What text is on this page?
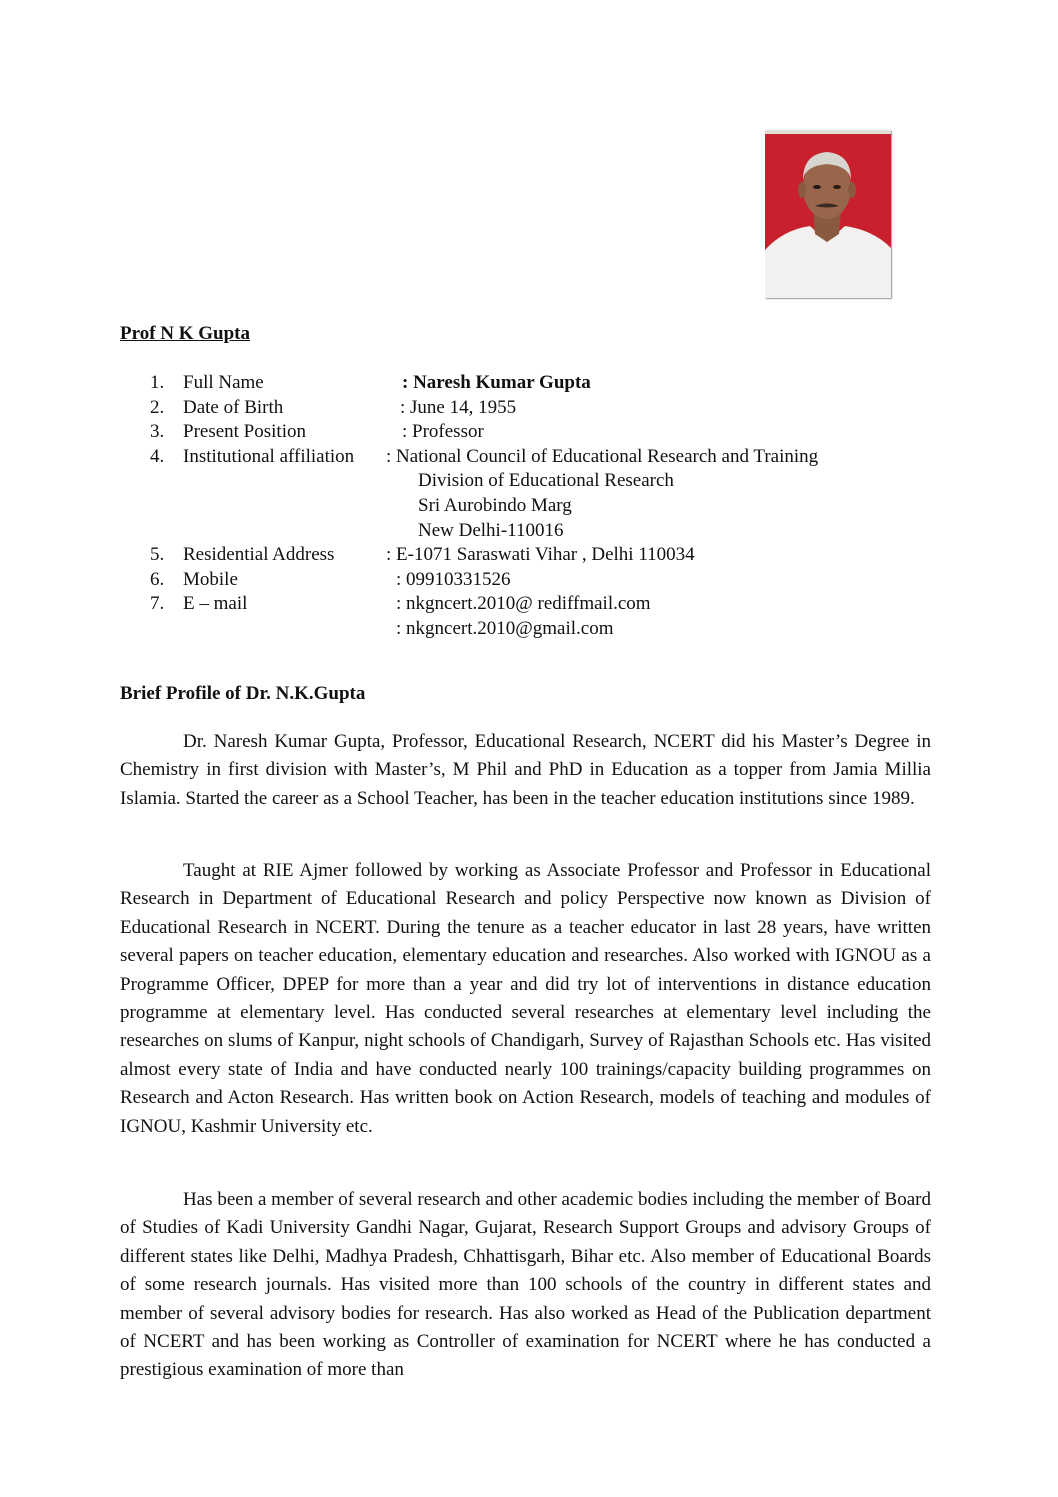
Prof N K Gupta
1. Full Name	: Naresh Kumar Gupta
2. Date of Birth	: June 14, 1955
3. Present Position	: Professor
4. Institutional affiliation : National Council of Educational Research and Training
Division of Educational Research
Sri Aurobindo Marg
New Delhi-110016
5. Residential Address	: E-1071 Saraswati Vihar , Delhi 110034
6. Mobile	: 09910331526
7. E – mail	: nkgncert.2010@ rediffmail.com
: nkgncert.2010@gmail.com
Brief Profile of Dr. N.K.Gupta

Dr. Naresh Kumar Gupta, Professor, Educational Research, NCERT did his Master’s Degree in Chemistry in first division with Master’s, M Phil and PhD in Education as a topper from Jamia Millia Islamia. Started the career as a School Teacher, has been in the teacher education institutions since 1989.

Taught at RIE Ajmer followed by working as Associate Professor and Professor in Educational Research in Department of Educational Research and policy Perspective now known as Division of Educational Research in NCERT. During the tenure as a teacher educator in last 28 years, have written several papers on teacher education, elementary education and researches. Also worked with IGNOU as a Programme Officer, DPEP for more than a year and did try lot of interventions in distance education programme at elementary level. Has conducted several researches at elementary level including the researches on slums of Kanpur, night schools of Chandigarh, Survey of Rajasthan Schools etc. Has visited almost every state of India and have conducted nearly 100 trainings/capacity building programmes on Research and Acton Research. Has written book on Action Research, models of teaching and modules of IGNOU, Kashmir University etc.

Has been a member of several research and other academic bodies including the member of Board of Studies of Kadi University Gandhi Nagar, Gujarat, Research Support Groups and advisory Groups of different states like Delhi, Madhya Pradesh, Chhattisgarh, Bihar etc. Also member of Educational Boards of some research journals. Has visited more than 100 schools of the country in different states and member of several advisory bodies for research. Has also worked as Head of the Publication department of NCERT and has been working as Controller of examination for NCERT where he has conducted a prestigious examination of more than
